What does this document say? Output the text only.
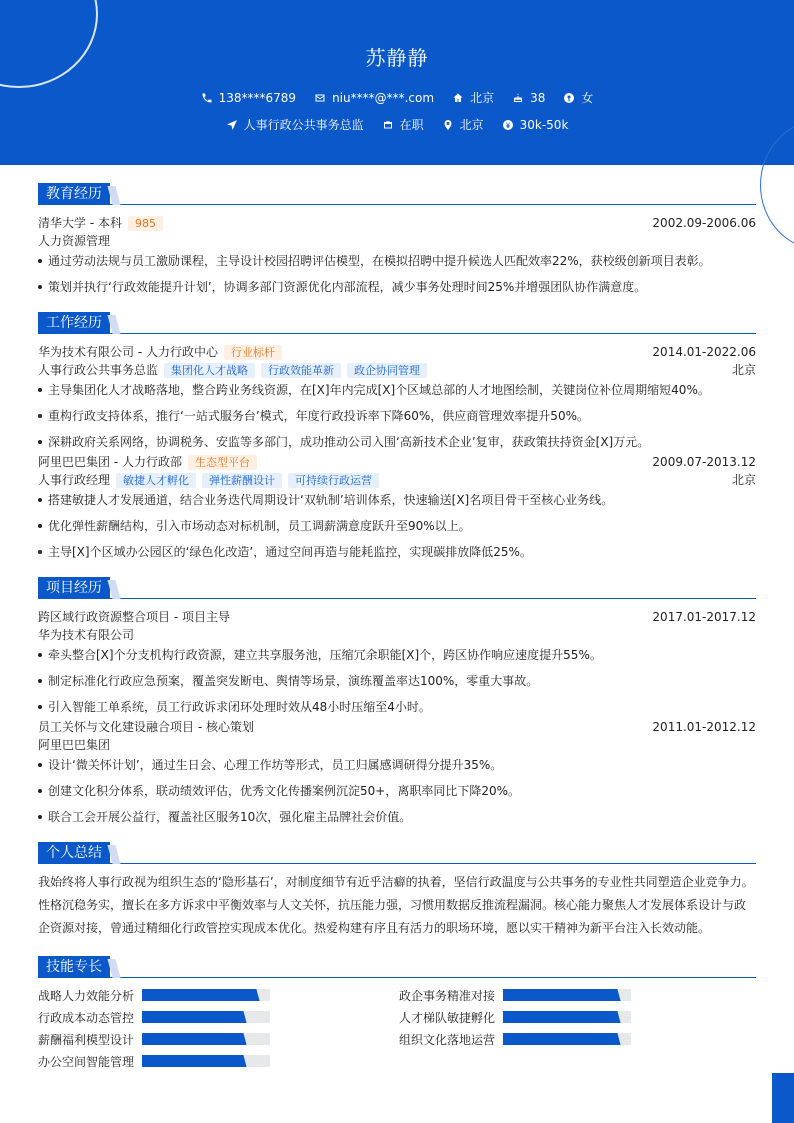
苏静静
138****6789	niu****@***.com	北京	38	女
人事行政公共事务总监	在职	北京	30k-50k
教育经历
清华大学 - 本科	985	2002.09-2006.06
人力资源管理
通过劳动法规与员工激励课程，主导设计校园招聘评估模型，在模拟招聘中提升候选人匹配效率22%，获校级创新项目表彰。
策划并执行‘行政效能提升计划’，协调多部门资源优化内部流程，减少事务处理时间25%并增强团队协作满意度。
工作经历
华为技术有限公司 - 人力行政中心	行业标杆	2014.01-2022.06
人事行政公共事务总监	集团化人才战略	行政效能革新	政企协同管理	北京
主导集团化人才战略落地，整合跨业务线资源，在[X]年内完成[X]个区域总部的人才地图绘制，关键岗位补位周期缩短40%。
重构行政支持体系，推行‘一站式服务台’模式，年度行政投诉率下降60%，供应商管理效率提升50%。
深耕政府关系网络，协调税务、安监等多部门，成功推动公司入围‘高新技术企业’复审，获政策扶持资金[X]万元。
阿里巴巴集团 - 人力行政部	生态型平台	2009.07-2013.12
人事行政经理	敏捷人才孵化	弹性薪酬设计	可持续行政运营	北京
搭建敏捷人才发展通道，结合业务迭代周期设计‘双轨制’培训体系，快速输送[X]名项目骨干至核心业务线。
优化弹性薪酬结构，引入市场动态对标机制，员工调薪满意度跃升至90%以上。
主导[X]个区域办公园区的‘绿色化改造’，通过空间再造与能耗监控，实现碳排放降低25%。
项目经历
跨区域行政资源整合项目 - 项目主导	2017.01-2017.12
华为技术有限公司
牵头整合[X]个分支机构行政资源，建立共享服务池，压缩冗余职能[X]个，跨区协作响应速度提升55%。
制定标准化行政应急预案，覆盖突发断电、舆情等场景，演练覆盖率达100%，零重大事故。
引入智能工单系统，员工行政诉求闭环处理时效从48小时压缩至4小时。
员工关怀与文化建设融合项目 - 核心策划	2011.01-2012.12
阿里巴巴集团
设计‘微关怀计划’，通过生日会、心理工作坊等形式，员工归属感调研得分提升35%。
创建文化积分体系，联动绩效评估，优秀文化传播案例沉淀50+，离职率同比下降20%。
联合工会开展公益行，覆盖社区服务10次，强化雇主品牌社会价值。
个人总结
我始终将人事行政视为组织生态的‘隐形基石’，对制度细节有近乎洁癖的执着，坚信行政温度与公共事务的专业性共同塑造企业竞争力。性格沉稳务实，擅长在多方诉求中平衡效率与人文关怀，抗压能力强，习惯用数据反推流程漏洞。核心能力聚焦人才发展体系设计与政企资源对接，曾通过精细化行政管控实现成本优化。热爱构建有序且有活力的职场环境，愿以实干精神为新平台注入长效动能。
技能专长
战略人力效能分析	政企事务精准对接
行政成本动态管控	人才梯队敏捷孵化
薪酬福利模型设计	组织文化落地运营
办公空间智能管理
